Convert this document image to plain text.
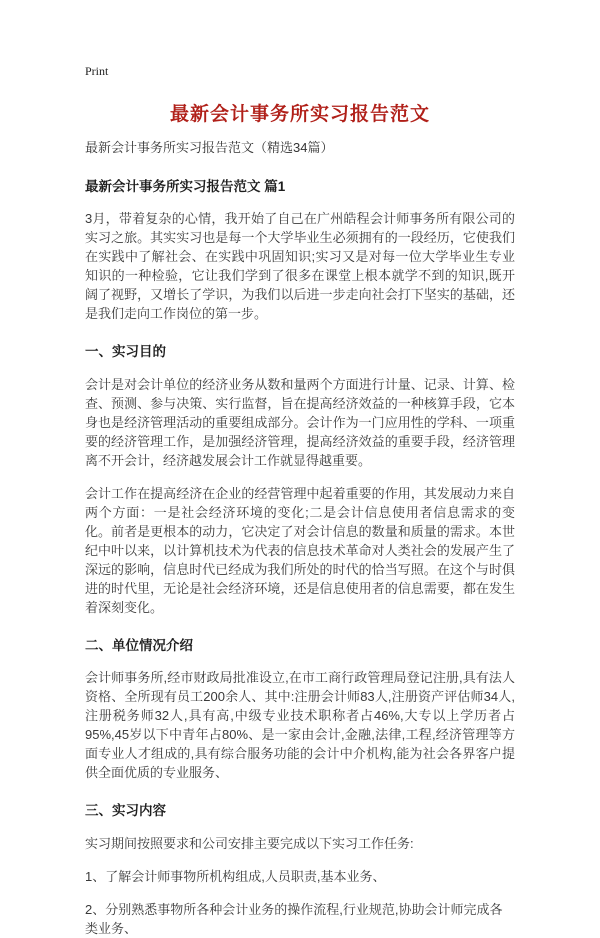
Print
最新会计事务所实习报告范文

最新会计事务所实习报告范文（精选34篇）

最新会计事务所实习报告范文 篇1

3月，带着复杂的心情，我开始了自己在广州皓程会计师事务所有限公司的实习之旅。其实实习也是每一个大学毕业生必须拥有的一段经历，它使我们在实践中了解社会、在实践中巩固知识;实习又是对每一位大学毕业生专业知识的一种检验，它让我们学到了很多在课堂上根本就学不到的知识,既开阔了视野，又增长了学识，为我们以后进一步走向社会打下坚实的基础，还是我们走向工作岗位的第一步。

一、实习目的

会计是对会计单位的经济业务从数和量两个方面进行计量、记录、计算、检查、预测、参与决策、实行监督，旨在提高经济效益的一种核算手段，它本身也是经济管理活动的重要组成部分。会计作为一门应用性的学科、一项重要的经济管理工作，是加强经济管理，提高经济效益的重要手段，经济管理离不开会计，经济越发展会计工作就显得越重要。

会计工作在提高经济在企业的经营管理中起着重要的作用，其发展动力来自两个方面：一是社会经济环境的变化;二是会计信息使用者信息需求的变化。前者是更根本的动力，它决定了对会计信息的数量和质量的需求。本世纪中叶以来，以计算机技术为代表的信息技术革命对人类社会的发展产生了深远的影响，信息时代已经成为我们所处的时代的恰当写照。在这个与时俱进的时代里，无论是社会经济环境，还是信息使用者的信息需要，都在发生着深刻变化。

二、单位情况介绍

会计师事务所,经市财政局批准设立,在市工商行政管理局登记注册,具有法人资格、全所现有员工200余人、其中:注册会计师83人,注册资产评估师34人,注册税务师32人,具有高,中级专业技术职称者占46%,大专以上学历者占95%,45岁以下中青年占80%、是一家由会计,金融,法律,工程,经济管理等方面专业人才组成的,具有综合服务功能的会计中介机构,能为社会各界客户提供全面优质的专业服务、

三、实习内容

实习期间按照要求和公司安排主要完成以下实习工作任务:

1、了解会计师事物所机构组成,人员职责,基本业务、

2、分别熟悉事物所各种会计业务的操作流程,行业规范,协助会计师完成各类业务、
